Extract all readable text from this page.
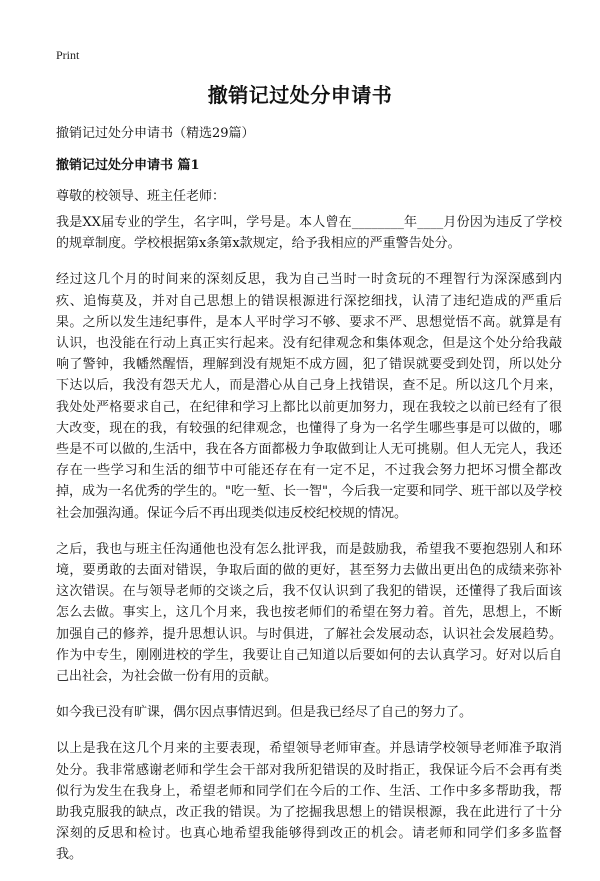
Print
撤销记过处分申请书
撤销记过处分申请书（精选29篇）
撤销记过处分申请书 篇1
尊敬的校领导、班主任老师：

我是XX届专业的学生，名字叫，学号是。本人曾在________年____月份因为违反了学校的规章制度。学校根据第x条第x款规定，给予我相应的严重警告处分。

经过这几个月的时间来的深刻反思，我为自己当时一时贪玩的不理智行为深深感到内疚、追悔莫及，并对自己思想上的错误根源进行深挖细找，认清了违纪造成的严重后果。之所以发生违纪事件，是本人平时学习不够、要求不严、思想觉悟不高。就算是有认识，也没能在行动上真正实行起来。没有纪律观念和集体观念，但是这个处分给我敲响了警钟，我幡然醒悟，理解到没有规矩不成方圆，犯了错误就要受到处罚，所以处分下达以后，我没有怨天尤人，而是潜心从自己身上找错误，查不足。所以这几个月来，我处处严格要求自己，在纪律和学习上都比以前更加努力，现在我较之以前已经有了很大改变，现在的我，有较强的纪律观念，也懂得了身为一名学生哪些事是可以做的，哪些是不可以做的,生活中，我在各方面都极力争取做到让人无可挑剔。但人无完人，我还存在一些学习和生活的细节中可能还存在有一定不足，不过我会努力把坏习惯全都改掉，成为一名优秀的学生的。"吃一堑、长一智"，今后我一定要和同学、班干部以及学校社会加强沟通。保证今后不再出现类似违反校纪校规的情况。

之后，我也与班主任沟通他也没有怎么批评我，而是鼓励我，希望我不要抱怨别人和环境，要勇敢的去面对错误，争取后面的做的更好，甚至努力去做出更出色的成绩来弥补这次错误。在与领导老师的交谈之后，我不仅认识到了我犯的错误，还懂得了我后面该怎么去做。事实上，这几个月来，我也按老师们的希望在努力着。首先，思想上，不断加强自己的修养，提升思想认识。与时俱进，了解社会发展动态，认识社会发展趋势。作为中专生，刚刚进校的学生，我要让自己知道以后要如何的去认真学习。好对以后自己出社会，为社会做一份有用的贡献。

如今我已没有旷课，偶尔因点事情迟到。但是我已经尽了自己的努力了。

以上是我在这几个月来的主要表现，希望领导老师审查。并恳请学校领导老师准予取消处分。我非常感谢老师和学生会干部对我所犯错误的及时指正，我保证今后不会再有类似行为发生在我身上，希望老师和同学们在今后的工作、生活、工作中多多帮助我，帮助我克服我的缺点，改正我的错误。为了挖掘我思想上的错误根源，我在此进行了十分深刻的反思和检讨。也真心地希望我能够得到改正的机会。请老师和同学们多多监督我。
